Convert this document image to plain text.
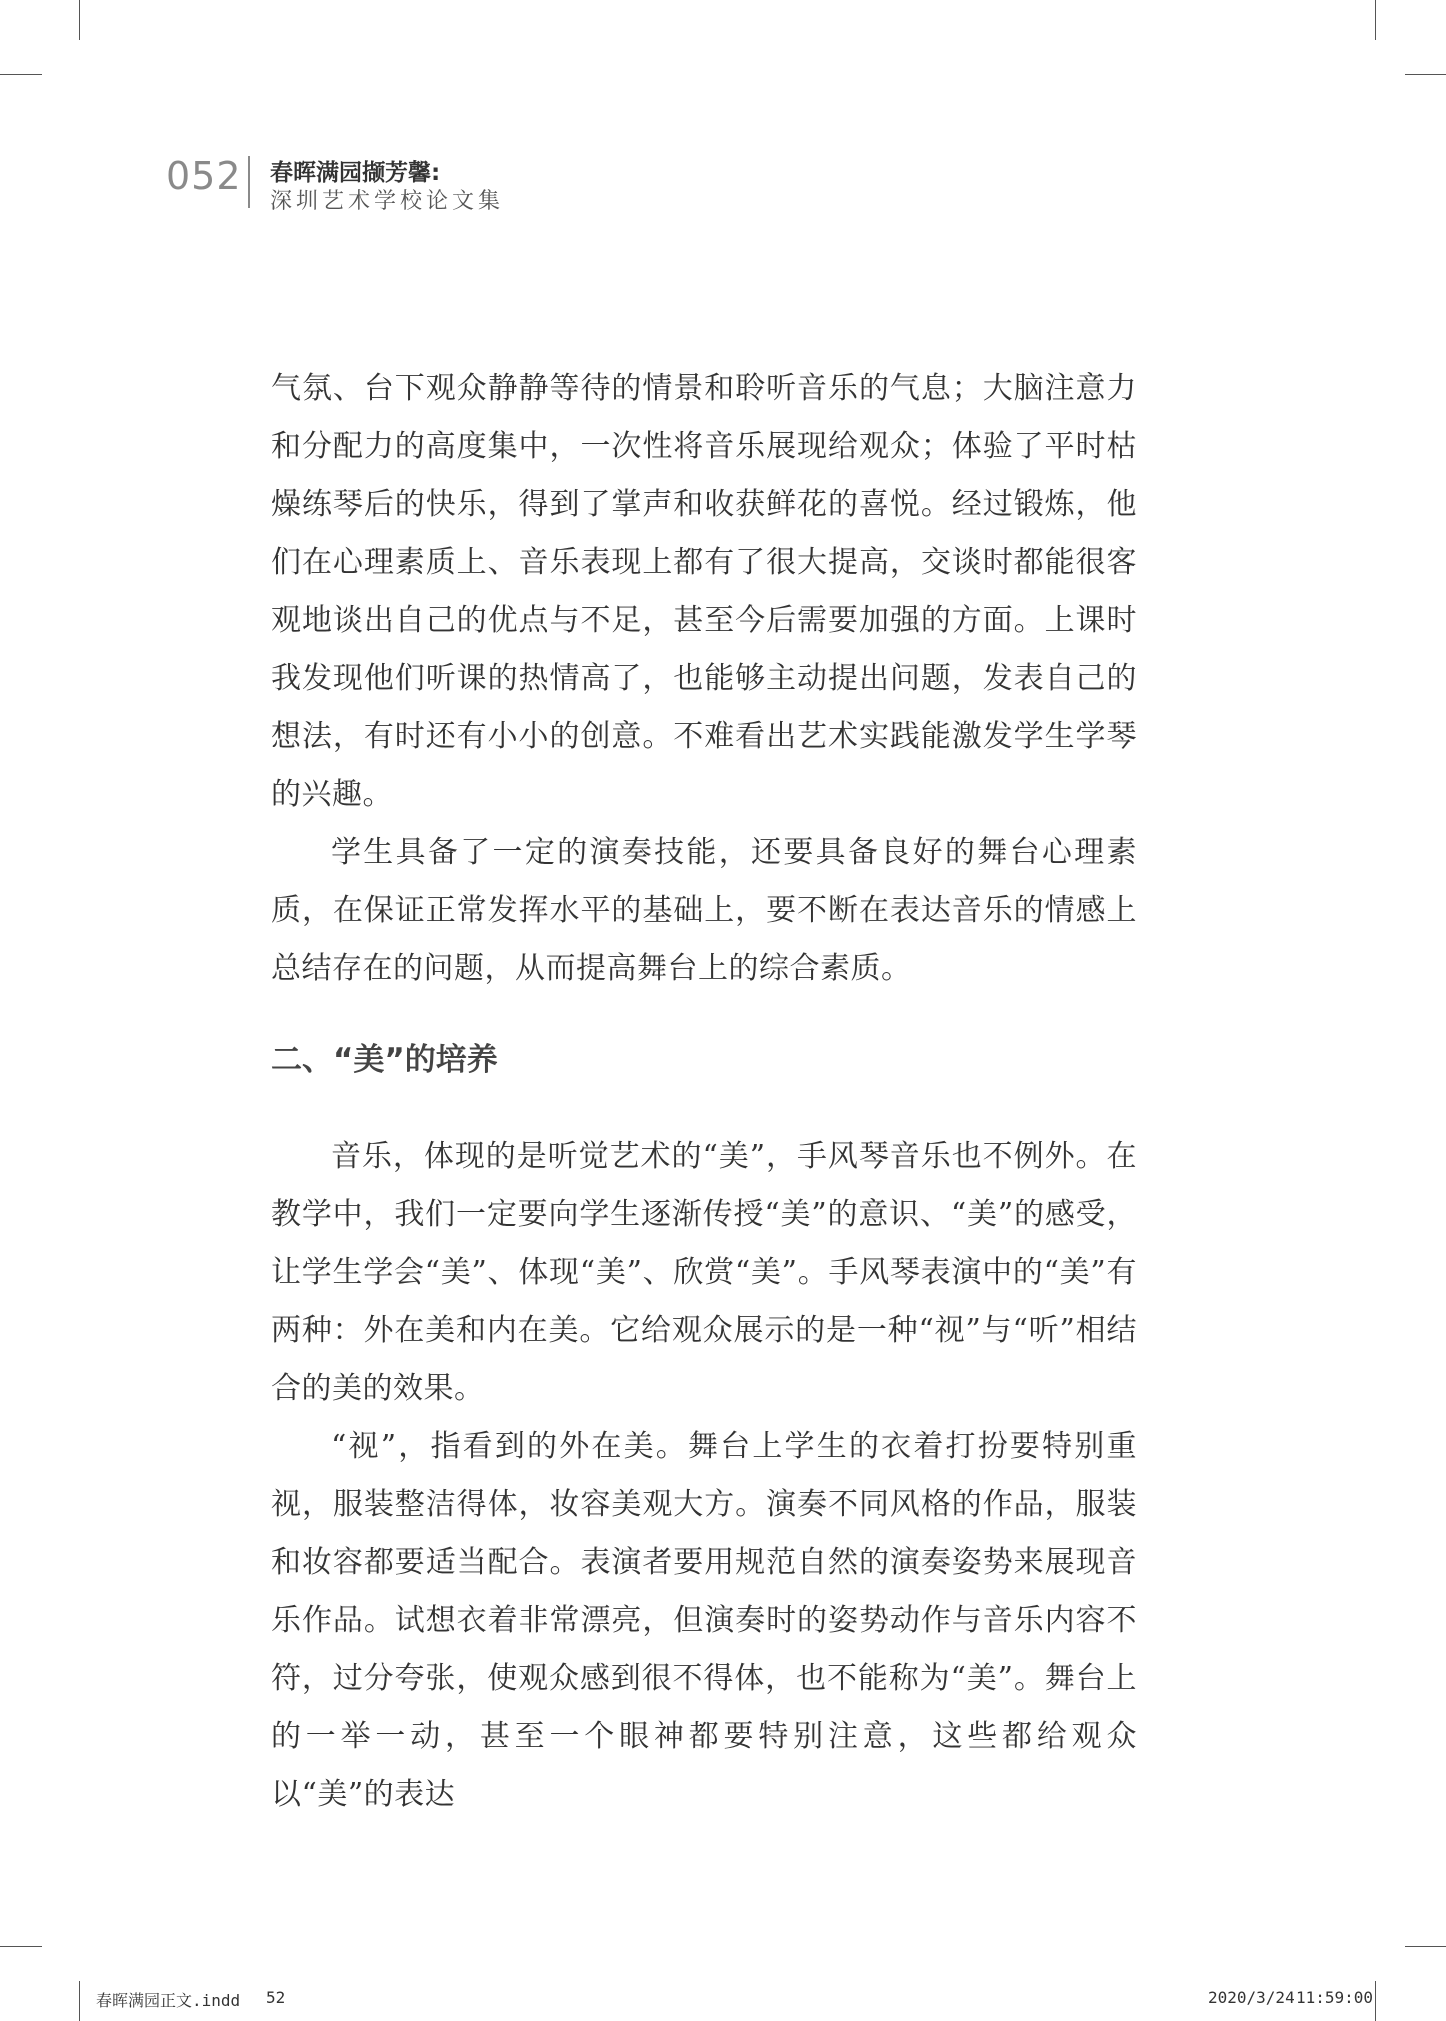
052 春晖满园撷芳馨:
深圳艺术学校论文集

气氛、台下观众静静等待的情景和聆听音乐的气息；大脑注意力和分配力的高度集中，一次性将音乐展现给观众；体验了平时枯燥练琴后的快乐，得到了掌声和收获鲜花的喜悦。经过锻炼，他们在心理素质上、音乐表现上都有了很大提高，交谈时都能很客观地谈出自己的优点与不足，甚至今后需要加强的方面。上课时我发现他们听课的热情高了，也能够主动提出问题，发表自己的想法，有时还有小小的创意。不难看出艺术实践能激发学生学琴的兴趣。

学生具备了一定的演奏技能，还要具备良好的舞台心理素质，在保证正常发挥水平的基础上，要不断在表达音乐的情感上总结存在的问题，从而提高舞台上的综合素质。

二、“美”的培养

音乐，体现的是听觉艺术的“美”，手风琴音乐也不例外。在教学中，我们一定要向学生逐渐传授“美”的意识、“美”的感受，让学生学会“美”、体现“美”、欣赏“美”。手风琴表演中的“美”有两种：外在美和内在美。它给观众展示的是一种“视”与“听”相结合的美的效果。

“视”，指看到的外在美。舞台上学生的衣着打扮要特别重视，服装整洁得体，妆容美观大方。演奏不同风格的作品，服装和妆容都要适当配合。表演者要用规范自然的演奏姿势来展现音乐作品。试想衣着非常漂亮，但演奏时的姿势动作与音乐内容不符，过分夸张，使观众感到很不得体，也不能称为“美”。舞台上的一举一动，甚至一个眼神都要特别注意，这些都给观众以“美”的表达

春晖满园正文.indd 52	2020/3/24 11:59:00
